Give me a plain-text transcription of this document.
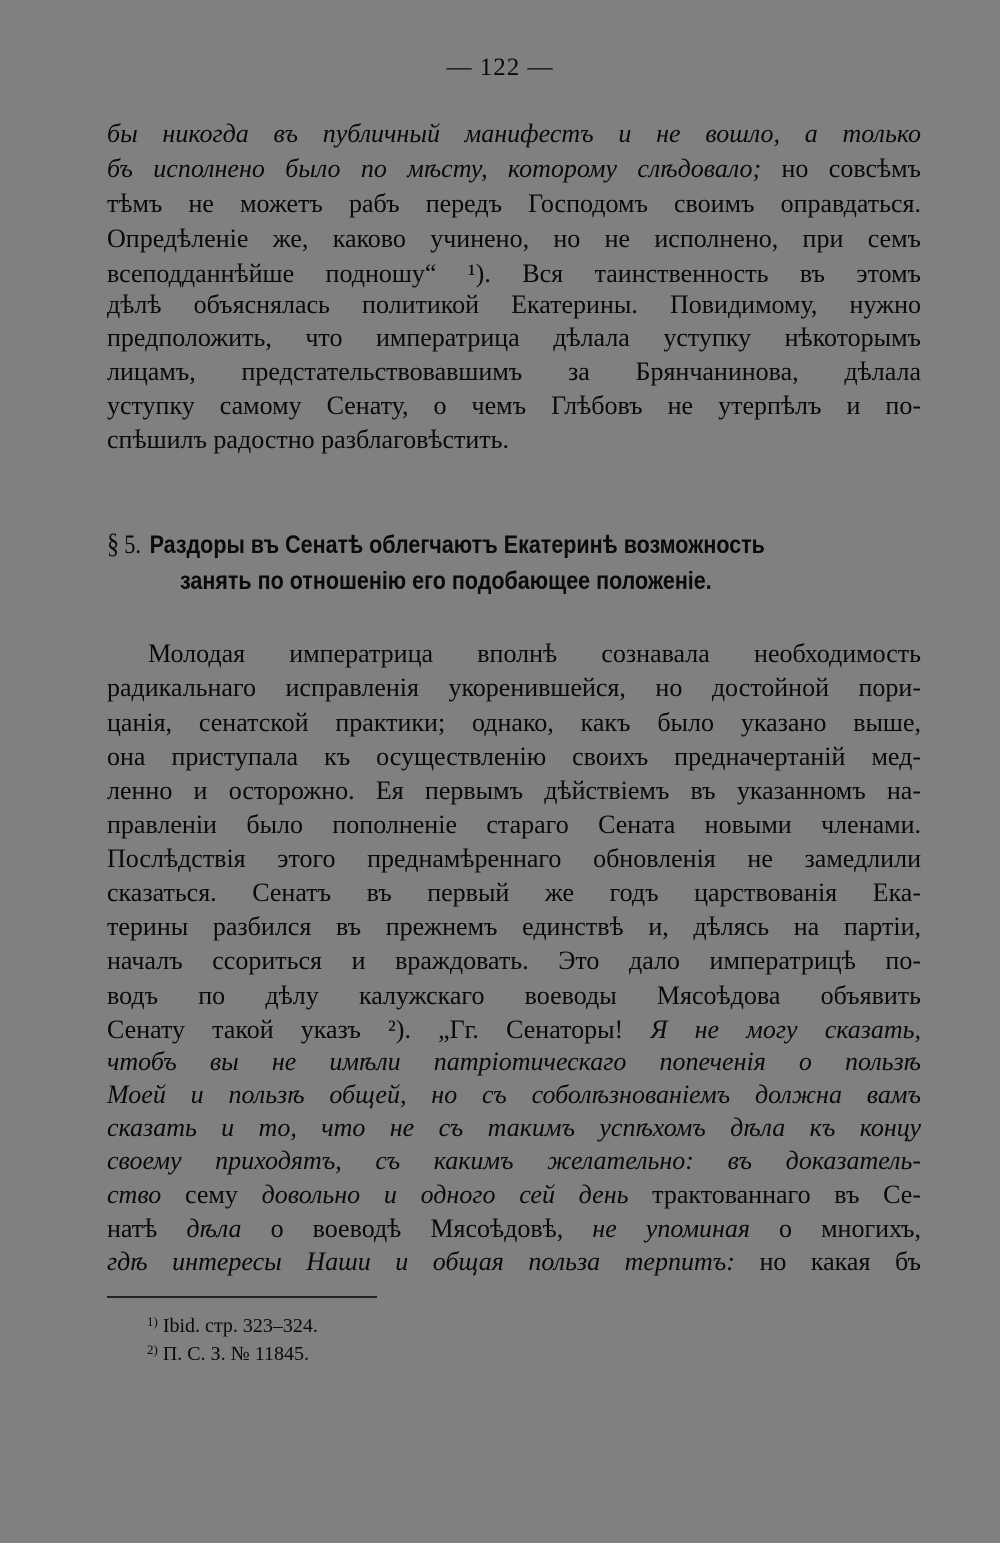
— 122 —
бы никогда въ публичный манифестъ и не вошло, а только
бъ исполнено было по мѣсту, которому слѣдовало; но совсѣмъ
тѣмъ не можетъ рабъ передъ Господомъ своимъ оправдаться.
Опредѣленіе же, каково учинено, но не исполнено, при семъ
всеподданнѣйше подношу“ ¹). Вся таинственность въ этомъ
дѣлѣ объяснялась политикой Екатерины. Повидимому, нужно
предположить, что императрица дѣлала уступку нѣкоторымъ
лицамъ, предстательствовавшимъ за Брянчанинова, дѣлала
уступку самому Сенату, о чемъ Глѣбовъ не утерпѣлъ и по-
спѣшилъ радостно разблаговѣстить.
§ 5. Раздоры въ Сенатѣ облегчаютъ Екатеринѣ возможность
занять по отношенію его подобающее положеніе.
Молодая императрица вполнѣ сознавала необходимость
радикальнаго исправленія укоренившейся, но достойной пори-
цанія, сенатской практики; однако, какъ было указано выше,
она приступала къ осуществленію своихъ предначертаній мед-
ленно и осторожно. Ея первымъ дѣйствіемъ въ указанномъ на-
правленіи было пополненіе стараго Сената новыми членами.
Послѣдствія этого преднамѣреннаго обновленія не замедлили
сказаться. Сенатъ въ первый же годъ царствованія Ека-
терины разбился въ прежнемъ единствѣ и, дѣлясь на партіи,
началъ ссориться и враждовать. Это дало императрицѣ по-
водъ по дѣлу калужскаго воеводы Мясоѣдова объявить
Сенату такой указъ ²). „Гг. Сенаторы! Я не могу сказать,
чтобъ вы не имѣли патріотическаго попеченія о пользѣ
Моей и пользѣ общей, но съ соболѣзнованіемъ должна вамъ
сказать и то, что не съ такимъ успѣхомъ дѣла къ концу
своему приходятъ, съ какимъ желательно: въ доказатель-
ство сему довольно и одного сей день трактованнаго въ Се-
натѣ дѣла о воеводѣ Мясоѣдовѣ, не упоминая о многихъ,
гдѣ интересы Наши и общая польза терпитъ: но какая бъ
$^{1)}$ Ibid. стр. 323–324.
$^{2)}$ П. С. З. № 11845.
